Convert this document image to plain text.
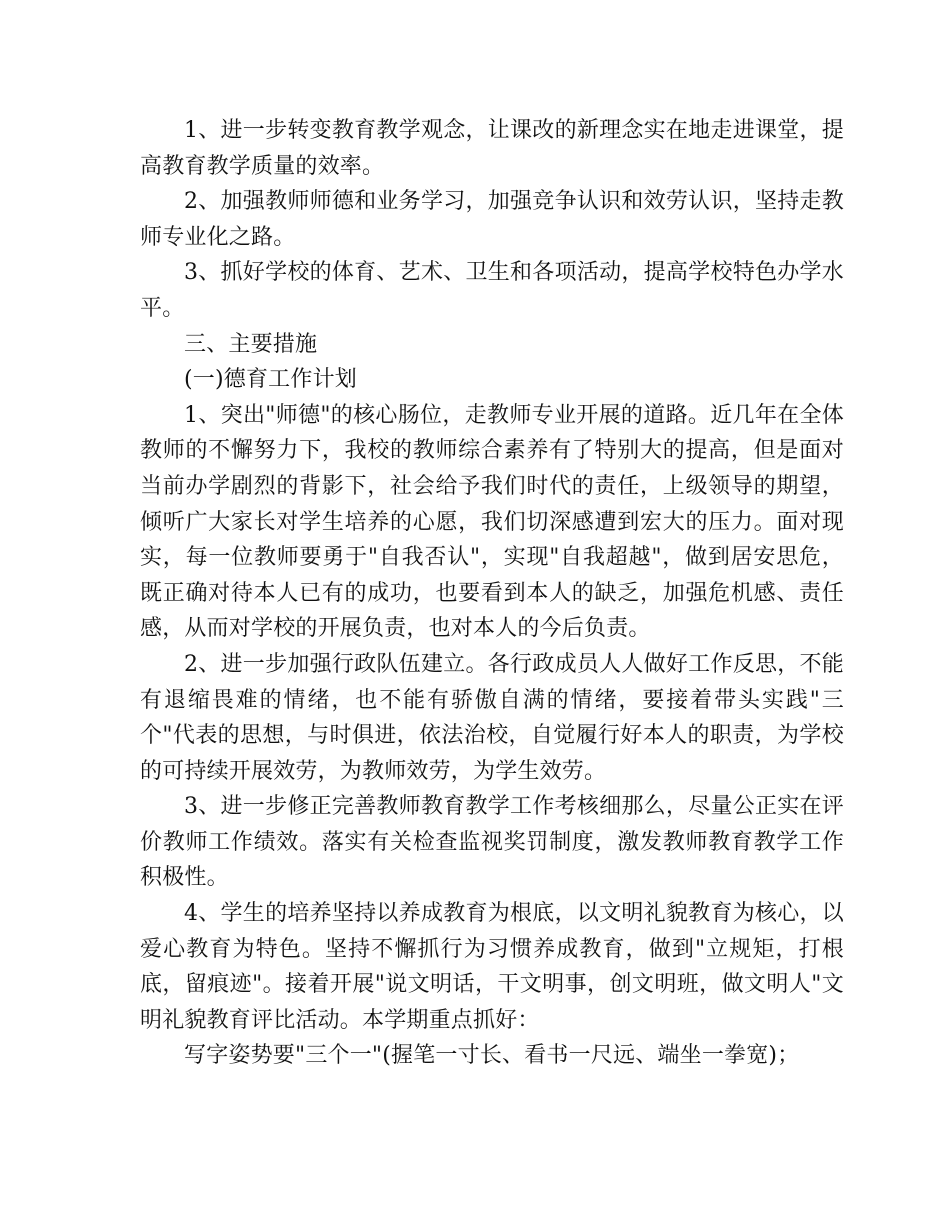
1、进一步转变教育教学观念，让课改的新理念实在地走进课堂，提高教育教学质量的效率。

2、加强教师师德和业务学习，加强竞争认识和效劳认识，坚持走教师专业化之路。

3、抓好学校的体育、艺术、卫生和各项活动，提高学校特色办学水平。

三、主要措施

(一)德育工作计划

1、突出"师德"的核心肠位，走教师专业开展的道路。近几年在全体教师的不懈努力下，我校的教师综合素养有了特别大的提高，但是面对当前办学剧烈的背影下，社会给予我们时代的责任，上级领导的期望，倾听广大家长对学生培养的心愿，我们切深感遭到宏大的压力。面对现实，每一位教师要勇于"自我否认"，实现"自我超越"，做到居安思危，既正确对待本人已有的成功，也要看到本人的缺乏，加强危机感、责任感，从而对学校的开展负责，也对本人的今后负责。

2、进一步加强行政队伍建立。各行政成员人人做好工作反思，不能有退缩畏难的情绪，也不能有骄傲自满的情绪，要接着带头实践"三个"代表的思想，与时俱进，依法治校，自觉履行好本人的职责，为学校的可持续开展效劳，为教师效劳，为学生效劳。

3、进一步修正完善教师教育教学工作考核细那么，尽量公正实在评价教师工作绩效。落实有关检查监视奖罚制度，激发教师教育教学工作积极性。

4、学生的培养坚持以养成教育为根底，以文明礼貌教育为核心，以爱心教育为特色。坚持不懈抓行为习惯养成教育，做到"立规矩，打根底，留痕迹"。接着开展"说文明话，干文明事，创文明班，做文明人"文明礼貌教育评比活动。本学期重点抓好：

写字姿势要"三个一"(握笔一寸长、看书一尺远、端坐一拳宽)；
